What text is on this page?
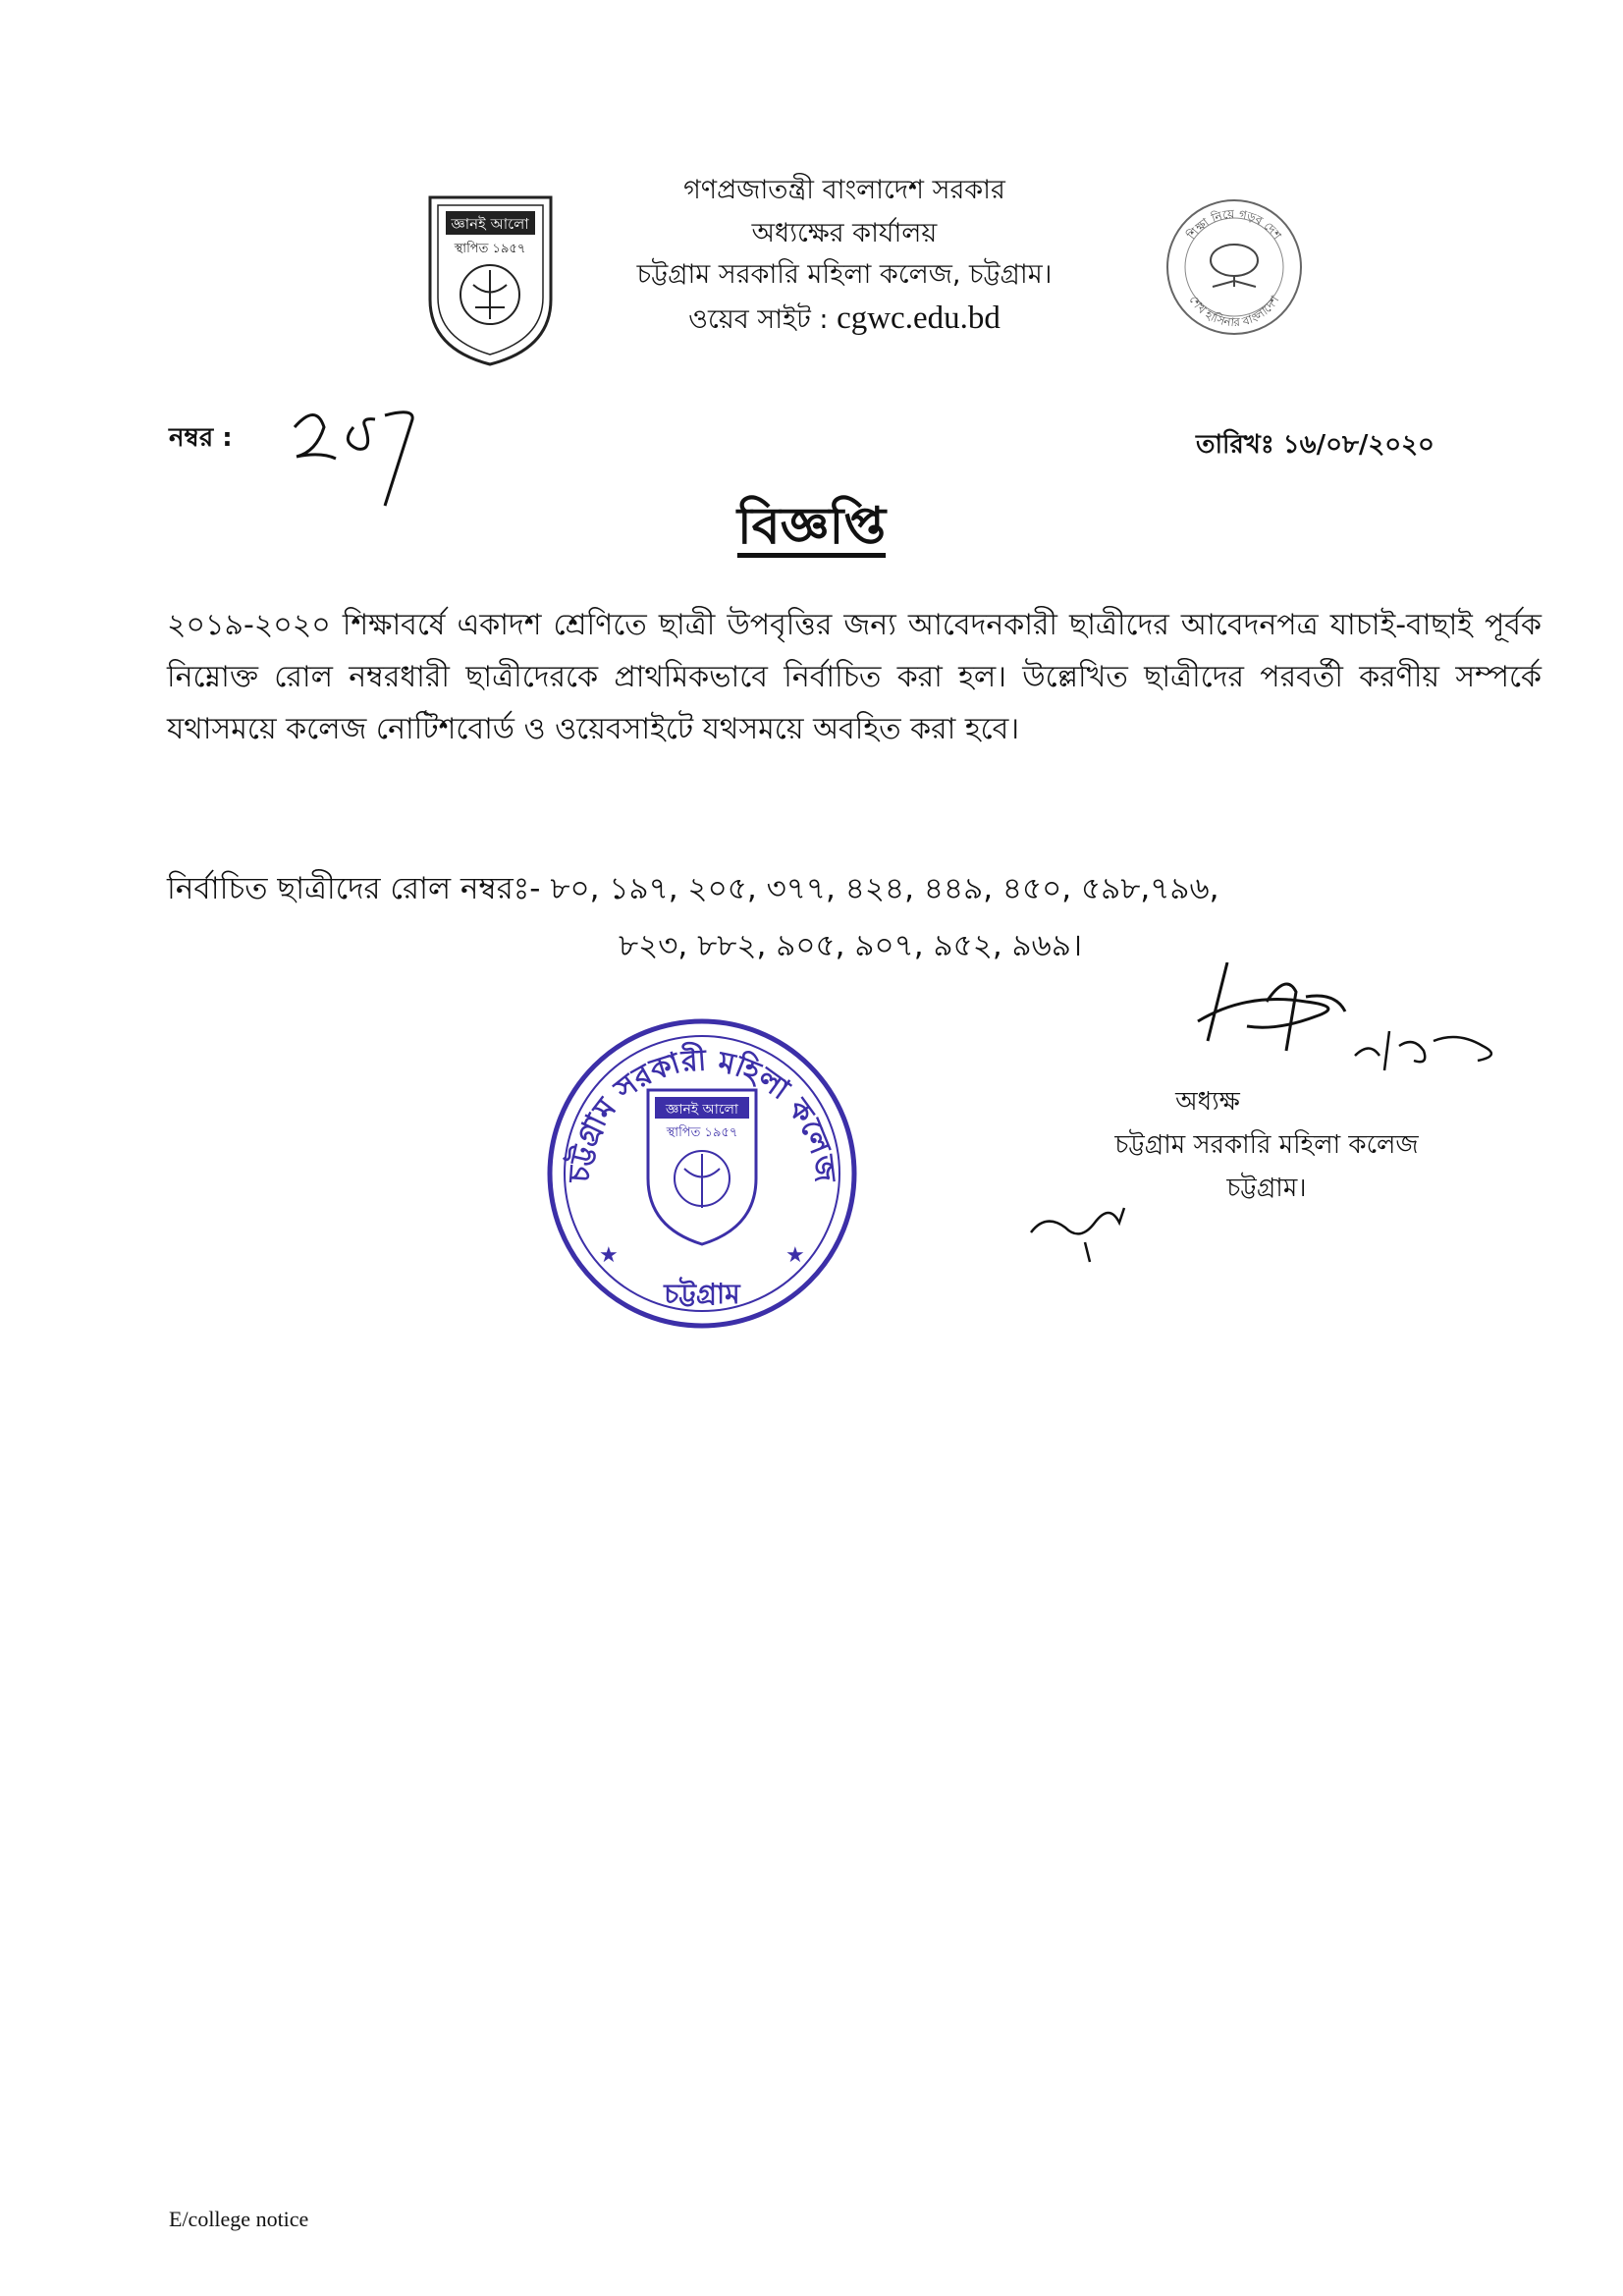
জ্ঞানই আলো
স্থাপিত ১৯৫৭
গণপ্রজাতন্ত্রী বাংলাদেশ সরকার
অধ্যক্ষের কার্যালয়
চট্টগ্রাম সরকারি মহিলা কলেজ, চট্টগ্রাম।
ওয়েব সাইট : cgwc.edu.bd
শিক্ষা নিয়ে গড়ব দেশ
শেখ হাসিনার বাংলাদেশ
নম্বর :
249
তারিখঃ ১৬/০৮/২০২০
বিজ্ঞপ্তি
২০১৯-২০২০ শিক্ষাবর্ষে একাদশ শ্রেণিতে ছাত্রী উপবৃত্তির জন্য আবেদনকারী ছাত্রীদের আবেদনপত্র যাচাই-বাছাই পূর্বক নিম্নোক্ত রোল নম্বরধারী ছাত্রীদেরকে প্রাথমিকভাবে নির্বাচিত করা হল। উল্লেখিত ছাত্রীদের পরবর্তী করণীয় সম্পর্কে যথাসময়ে কলেজ নোটিশবোর্ড ও ওয়েবসাইটে যথসময়ে অবহিত করা হবে।
নির্বাচিত ছাত্রীদের রোল নম্বরঃ- ৮০, ১৯৭, ২০৫, ৩৭৭, ৪২৪, ৪৪৯, ৪৫০, ৫৯৮,৭৯৬,
৮২৩, ৮৮২, ৯০৫, ৯০৭, ৯৫২, ৯৬৯।	১৬/০৮/২০
অধ্যক্ষ
চট্টগ্রাম সরকারি মহিলা কলেজ
চট্টগ্রাম।
চট্টগ্রাম সরকারী মহিলা কলেজ
চট্টগ্রাম
★	★
জ্ঞানই আলো
স্থাপিত ১৯৫৭
E/college notice
